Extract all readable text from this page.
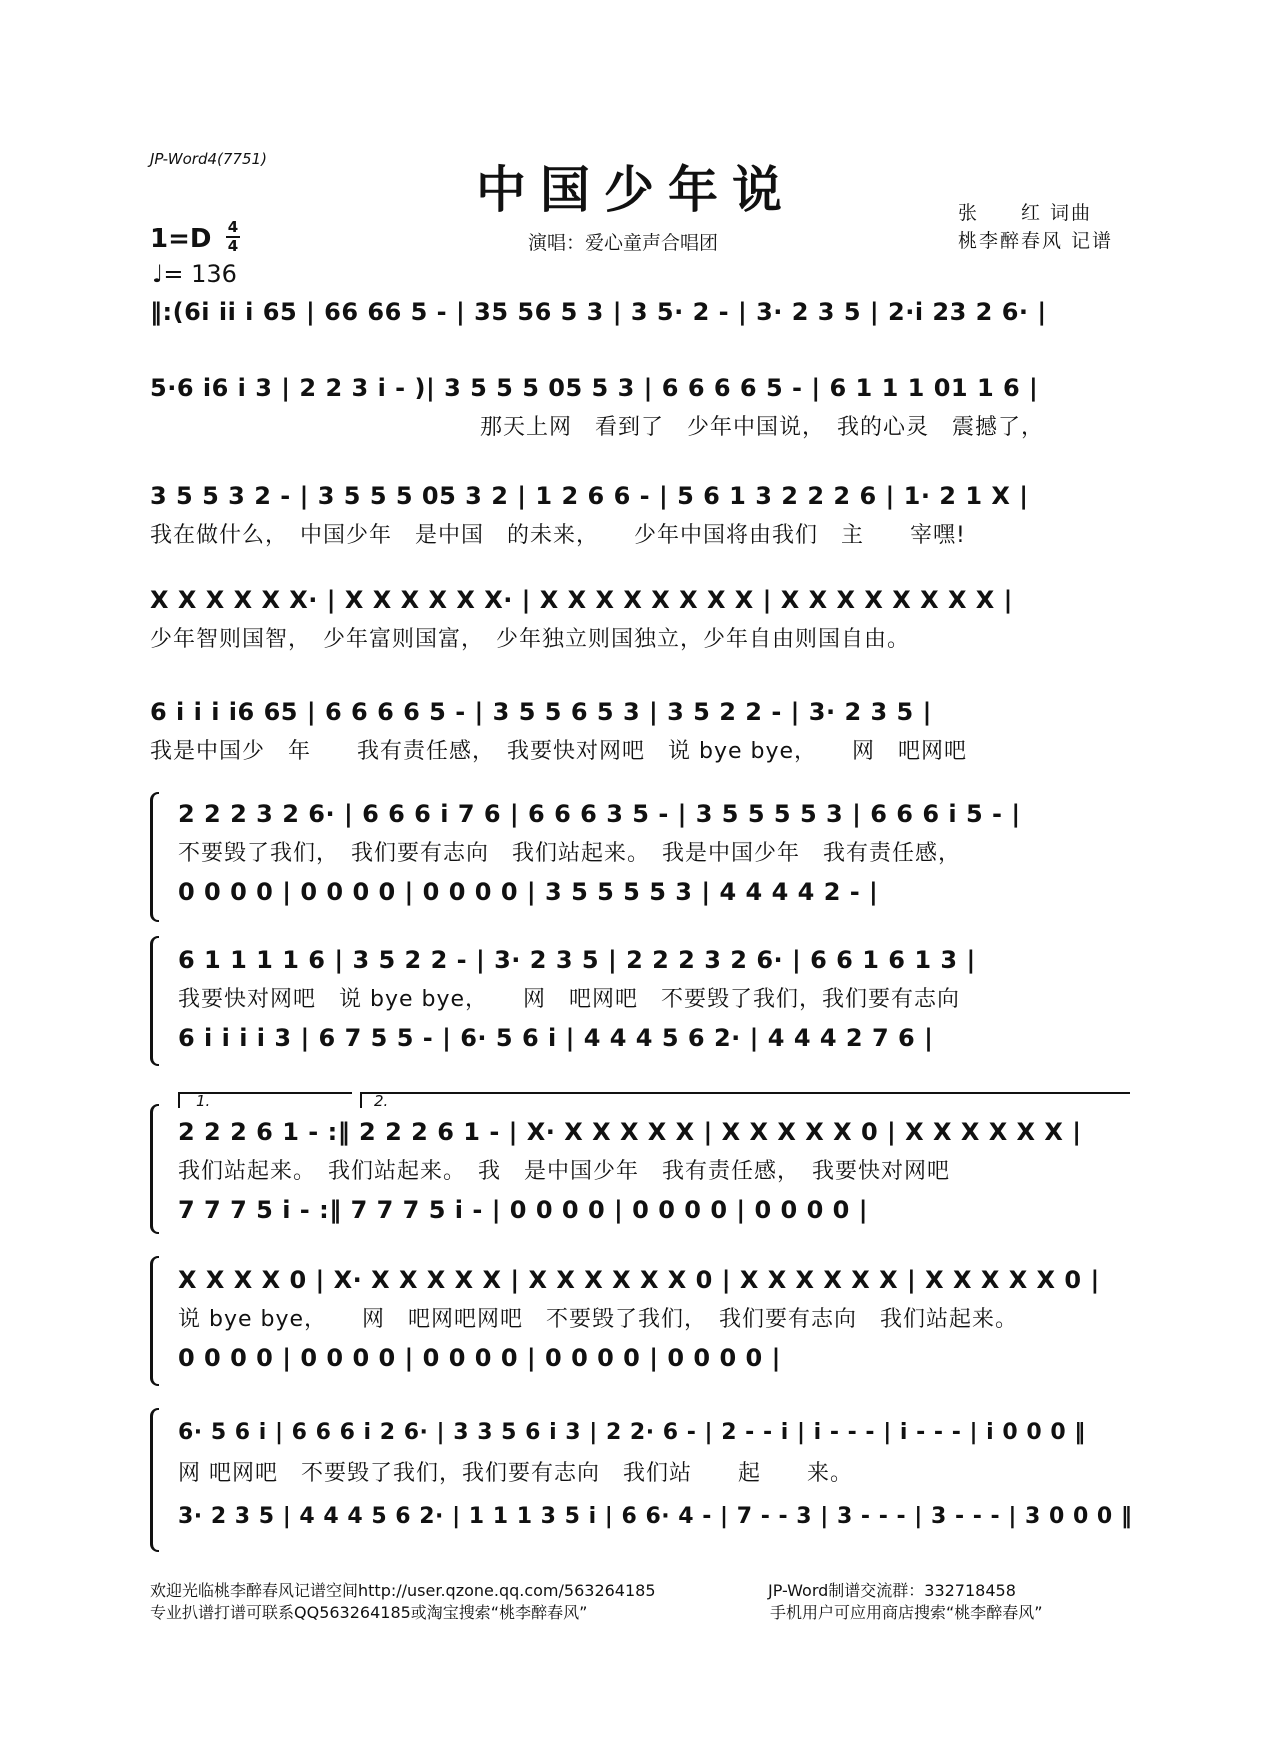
JP-Word4(7751)
中国少年说
演唱：爱心童声合唱团
张　　红 词曲
桃李醉春风 记谱
1=D 4
4
♩= 136
‖:(6i ii i 65 | 66 66 5 - | 35 56 5 3 | 3 5· 2 - | 3· 2 3 5 | 2·i 23 2 6· |
5·6 i6 i 3 | 2 2 3 i - )| 3 5 5 5 05 5 3 | 6 6 6 6 5 - | 6 1 1 1 01 1 6 |
那天上网　看到了　少年中国说，　我的心灵　震撼了，
3 5 5 3 2 - | 3 5 5 5 05 3 2 | 1 2 6 6 - | 5 6 1 3 2 2 2 6 | 1· 2 1 X |
我在做什么，　中国少年　是中国　的未来，　　少年中国将由我们　主　　宰嘿!
X X X X X X· | X X X X X X· | X X X X X X X X | X X X X X X X X |
少年智则国智，　少年富则国富，　少年独立则国独立，少年自由则国自由。
6 i i i i6 65 | 6 6 6 6 5 - | 3 5 5 6 5 3 | 3 5 2 2 - | 3· 2 3 5 |
我是中国少　年　　我有责任感，　我要快对网吧　说 bye bye，　　网　吧网吧
2 2 2 3 2 6· | 6 6 6 i 7 6 | 6 6 6 3 5 - | 3 5 5 5 5 3 | 6 6 6 i 5 - |
不要毁了我们，　我们要有志向　我们站起来。　我是中国少年　我有责任感，
0 0 0 0 | 0 0 0 0 | 0 0 0 0 | 3 5 5 5 5 3 | 4 4 4 4 2 - |
6 1 1 1 1 6 | 3 5 2 2 - | 3· 2 3 5 | 2 2 2 3 2 6· | 6 6 1 6 1 3 |
我要快对网吧　说 bye bye，　　网　吧网吧　不要毁了我们，我们要有志向
6 i i i i 3 | 6 7 5 5 - | 6· 5 6 i | 4 4 4 5 6 2· | 4 4 4 2 7 6 |
1.	2.
2 2 2 6 1 - :‖ 2 2 2 6 1 - | X· X X X X X | X X X X X 0 | X X X X X X |
我们站起来。　我们站起来。　我　是中国少年　我有责任感，　我要快对网吧
7 7 7 5 i - :‖ 7 7 7 5 i - | 0 0 0 0 | 0 0 0 0 | 0 0 0 0 |
X X X X 0 | X· X X X X X | X X X X X X 0 | X X X X X X | X X X X X 0 |
说 bye bye，　　网　吧网吧网吧　不要毁了我们，　我们要有志向　我们站起来。
0 0 0 0 | 0 0 0 0 | 0 0 0 0 | 0 0 0 0 | 0 0 0 0 |
6· 5 6 i | 6 6 6 i 2 6· | 3 3 5 6 i 3 | 2 2· 6 - | 2 - - i | i - - - | i - - - | i 0 0 0 ‖
网 吧网吧　不要毁了我们，我们要有志向　我们站　　起　　来。
3· 2 3 5 | 4 4 4 5 6 2· | 1 1 1 3 5 i | 6 6· 4 - | 7 - - 3 | 3 - - - | 3 - - - | 3 0 0 0 ‖
欢迎光临桃李醉春风记谱空间http://user.qzone.qq.com/563264185	JP-Word制谱交流群：332718458
专业扒谱打谱可联系QQ563264185或淘宝搜索“桃李醉春风”	手机用户可应用商店搜索“桃李醉春风”
